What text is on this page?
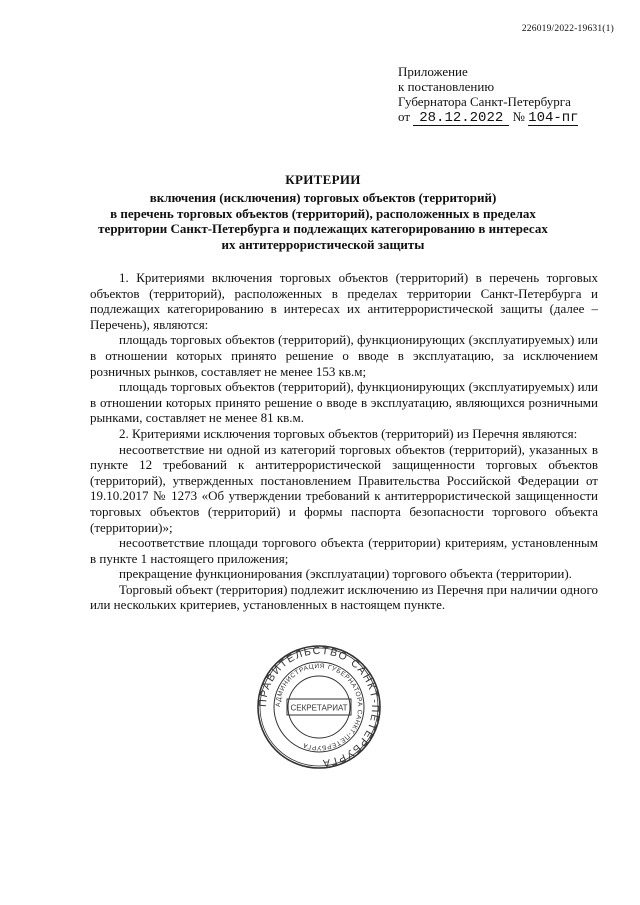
226019/2022-19631(1)
Приложение
к постановлению
Губернатора Санкт-Петербурга
от 28.12.2022 № 104-пг
КРИТЕРИИ
включения (исключения) торговых объектов (территорий)
в перечень торговых объектов (территорий), расположенных в пределах
территории Санкт-Петербурга и подлежащих категорированию в интересах
их антитеррористической защиты

1. Критериями включения торговых объектов (территорий) в перечень торговых объектов (территорий), расположенных в пределах территории Санкт-Петербурга и подлежащих категорированию в интересах их антитеррористической защиты (далее – Перечень), являются:

площадь торговых объектов (территорий), функционирующих (эксплуатируемых) или в отношении которых принято решение о вводе в эксплуатацию, за исключением розничных рынков, составляет не менее 153 кв.м;

площадь торговых объектов (территорий), функционирующих (эксплуатируемых) или в отношении которых принято решение о вводе в эксплуатацию, являющихся розничными рынками, составляет не менее 81 кв.м.

2. Критериями исключения торговых объектов (территорий) из Перечня являются:

несоответствие ни одной из категорий торговых объектов (территорий), указанных в пункте 12 требований к антитеррористической защищенности торговых объектов (территорий), утвержденных постановлением Правительства Российской Федерации от 19.10.2017 № 1273 «Об утверждении требований к антитеррористической защищенности торговых объектов (территорий) и формы паспорта безопасности торгового объекта (территории)»;

несоответствие площади торгового объекта (территории) критериям, установленным в пункте 1 настоящего приложения;

прекращение функционирования (эксплуатации) торгового объекта (территории).

Торговый объект (территория) подлежит исключению из Перечня при наличии одного или нескольких критериев, установленных в настоящем пункте.

ПРАВИТЕЛЬСТВО САНКТ-ПЕТЕРБУРГА
АДМИНИСТРАЦИЯ ГУБЕРНАТОРА САНКТ-ПЕТЕРБУРГА
СЕКРЕТАРИАТ
